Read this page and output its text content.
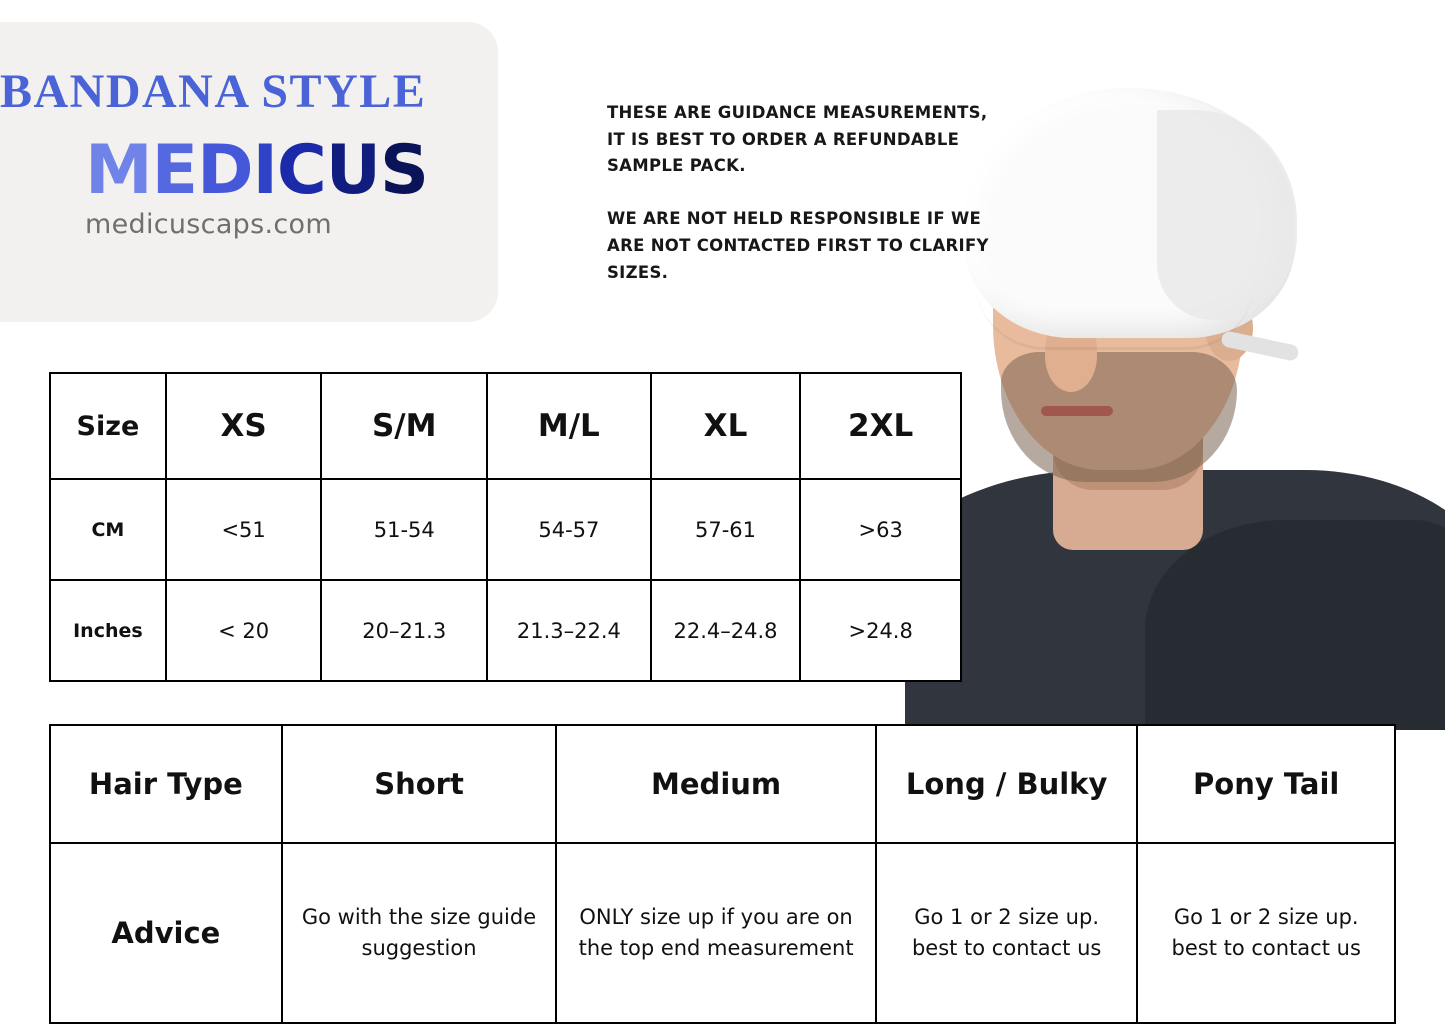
BANDANA STYLE
MEDICUS
medicuscaps.com

THESE ARE GUIDANCE MEASUREMENTS, IT IS BEST TO ORDER A REFUNDABLE SAMPLE PACK.

WE ARE NOT HELD RESPONSIBLE IF WE ARE NOT CONTACTED FIRST TO CLARIFY SIZES.

Size	XS	S/M	M/L	XL	2XL
CM	<51	51-54	54-57	57-61	>63
Inches	< 20	20–21.3	21.3–22.4	22.4–24.8	>24.8
Hair Type	Short	Medium	Long / Bulky	Pony Tail
Advice	Go with the size guide suggestion	ONLY size up if you are on the top end measurement	Go 1 or 2 size up. best to contact us	Go 1 or 2 size up. best to contact us
